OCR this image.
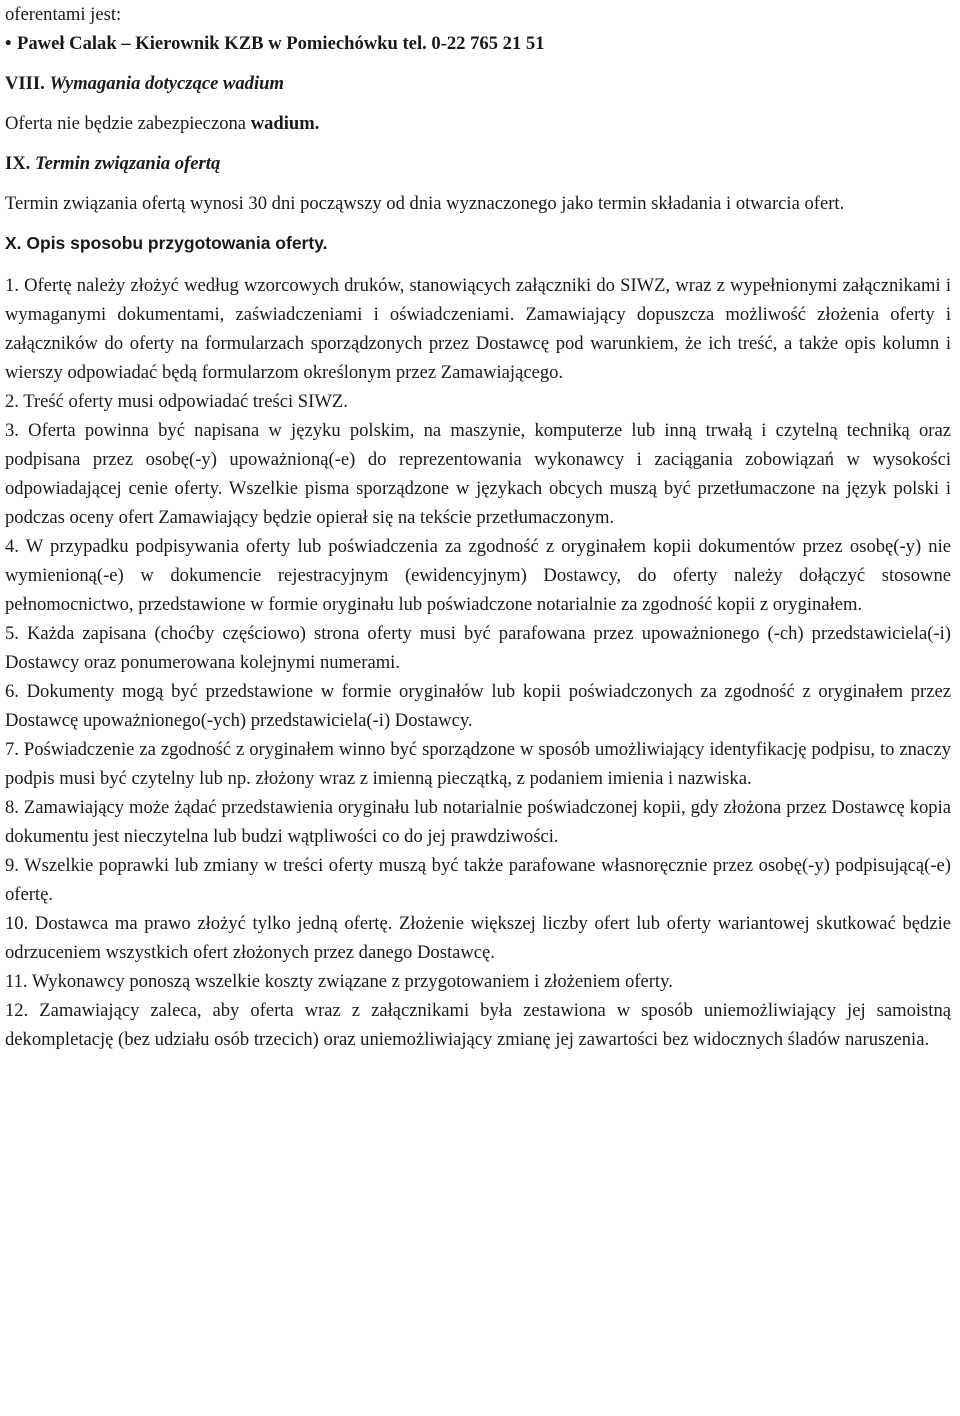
oferentami jest:

• Paweł Calak – Kierownik KZB w Pomiechówku tel. 0-22 765 21 51

VIII. Wymagania dotyczące wadium

Oferta nie będzie zabezpieczona wadium.

IX. Termin związania ofertą

Termin związania ofertą wynosi 30 dni począwszy od dnia wyznaczonego jako termin składania i otwarcia ofert.

X. Opis sposobu przygotowania oferty.

1. Ofertę należy złożyć według wzorcowych druków, stanowiących załączniki do SIWZ, wraz z wypełnionymi załącznikami i wymaganymi dokumentami, zaświadczeniami i oświadczeniami. Zamawiający dopuszcza możliwość złożenia oferty i załączników do oferty na formularzach sporządzonych przez Dostawcę pod warunkiem, że ich treść, a także opis kolumn i wierszy odpowiadać będą formularzom określonym przez Zamawiającego.

2. Treść oferty musi odpowiadać treści SIWZ.

3. Oferta powinna być napisana w języku polskim, na maszynie, komputerze lub inną trwałą i czytelną techniką oraz podpisana przez osobę(-y) upoważnioną(-e) do reprezentowania wykonawcy i zaciągania zobowiązań w wysokości odpowiadającej cenie oferty. Wszelkie pisma sporządzone w językach obcych muszą być przetłumaczone na język polski i podczas oceny ofert Zamawiający będzie opierał się na tekście przetłumaczonym.

4. W przypadku podpisywania oferty lub poświadczenia za zgodność z oryginałem kopii dokumentów przez osobę(-y) nie wymienioną(-e) w dokumencie rejestracyjnym (ewidencyjnym) Dostawcy, do oferty należy dołączyć stosowne pełnomocnictwo, przedstawione w formie oryginału lub poświadczone notarialnie za zgodność kopii z oryginałem.

5. Każda zapisana (choćby częściowo) strona oferty musi być parafowana przez upoważnionego (-ch) przedstawiciela(-i) Dostawcy oraz ponumerowana kolejnymi numerami.

6. Dokumenty mogą być przedstawione w formie oryginałów lub kopii poświadczonych za zgodność z oryginałem przez Dostawcę upoważnionego(-ych) przedstawiciela(-i) Dostawcy.

7. Poświadczenie za zgodność z oryginałem winno być sporządzone w sposób umożliwiający identyfikację podpisu, to znaczy podpis musi być czytelny lub np. złożony wraz z imienną pieczątką, z podaniem imienia i nazwiska.

8. Zamawiający może żądać przedstawienia oryginału lub notarialnie poświadczonej kopii, gdy złożona przez Dostawcę kopia dokumentu jest nieczytelna lub budzi wątpliwości co do jej prawdziwości.

9. Wszelkie poprawki lub zmiany w treści oferty muszą być także parafowane własnoręcznie przez osobę(-y) podpisującą(-e) ofertę.

10. Dostawca ma prawo złożyć tylko jedną ofertę. Złożenie większej liczby ofert lub oferty wariantowej skutkować będzie odrzuceniem wszystkich ofert złożonych przez danego Dostawcę.

11. Wykonawcy ponoszą wszelkie koszty związane z przygotowaniem i złożeniem oferty.

12. Zamawiający zaleca, aby oferta wraz z załącznikami była zestawiona w sposób uniemożliwiający jej samoistną dekompletację (bez udziału osób trzecich) oraz uniemożliwiający zmianę jej zawartości bez widocznych śladów naruszenia.
